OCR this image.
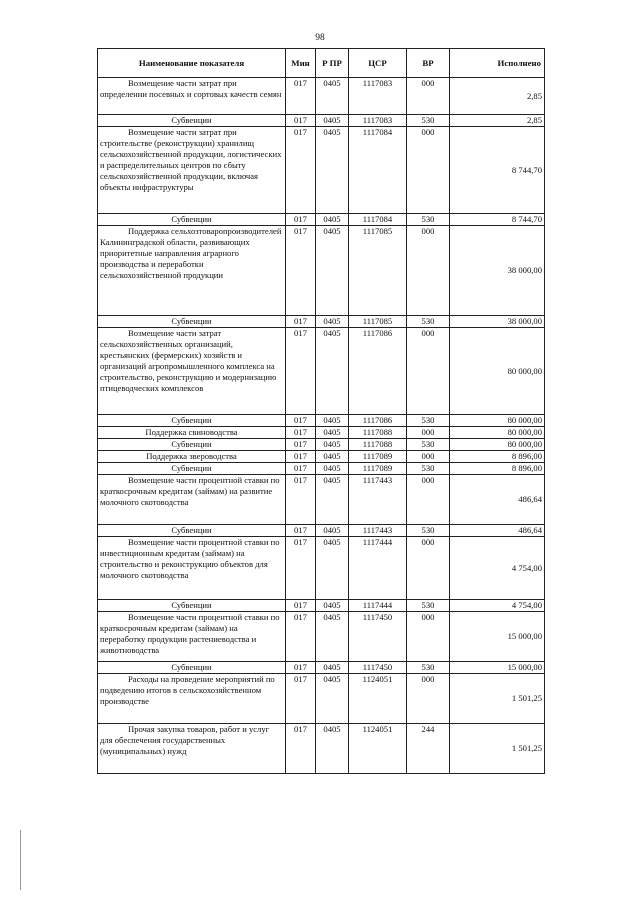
98
Наименование показателя	Мин	Р ПР	ЦСР	ВР	Исполнено

Возмещение части затрат при определении посевных и сортовых качеств семян	017	0405	1117083	000	2,85
Субвенции	017	0405	1117083	530	2,85

Возмещение части затрат при строительстве (реконструкции) хранилищ сельскохозяйственной продукции, логистических и распределительных центров по сбыту сельскохозяйственной продукции, включая объекты инфраструктуры	017	0405	1117084	000	8 744,70
Субвенции	017	0405	1117084	530	8 744,70

Поддержка сельхозтоваропроизводителей Калининградской области, развивающих приоритетные направления аграрного производства и переработки сельскохозяйственной продукции	017	0405	1117085	000	38 000,00
Субвенции	017	0405	1117085	530	38 000,00

Возмещение части затрат сельскохозяйственных организаций, крестьянских (фермерских) хозяйств и организаций агропромышленного комплекса на строительство, реконструкцию и модернизацию птицеводческих комплексов	017	0405	1117086	000	80 000,00
Субвенции	017	0405	1117086	530	80 000,00
Поддержка свиноводства	017	0405	1117088	000	80 000,00
Субвенции	017	0405	1117088	530	80 000,00
Поддержка звероводства	017	0405	1117089	000	8 896,00
Субвенции	017	0405	1117089	530	8 896,00

Возмещение части процентной ставки по краткосрочным кредитам (займам) на развитие молочного скотоводства	017	0405	1117443	000	486,64
Субвенции	017	0405	1117443	530	486,64

Возмещение части процентной ставки по инвестиционным кредитам (займам) на строительство и реконструкцию объектов для молочного скотоводства	017	0405	1117444	000	4 754,00
Субвенции	017	0405	1117444	530	4 754,00

Возмещение части процентной ставки по краткосрочным кредитам (займам) на переработку продукции растениеводства и животноводства	017	0405	1117450	000	15 000,00
Субвенции	017	0405	1117450	530	15 000,00

Расходы на проведение мероприятий по подведению итогов в сельскохозяйственном производстве	017	0405	1124051	000	1 501,25

Прочая закупка товаров, работ и услуг для обеспечения государственных (муниципальных) нужд	017	0405	1124051	244	1 501,25
